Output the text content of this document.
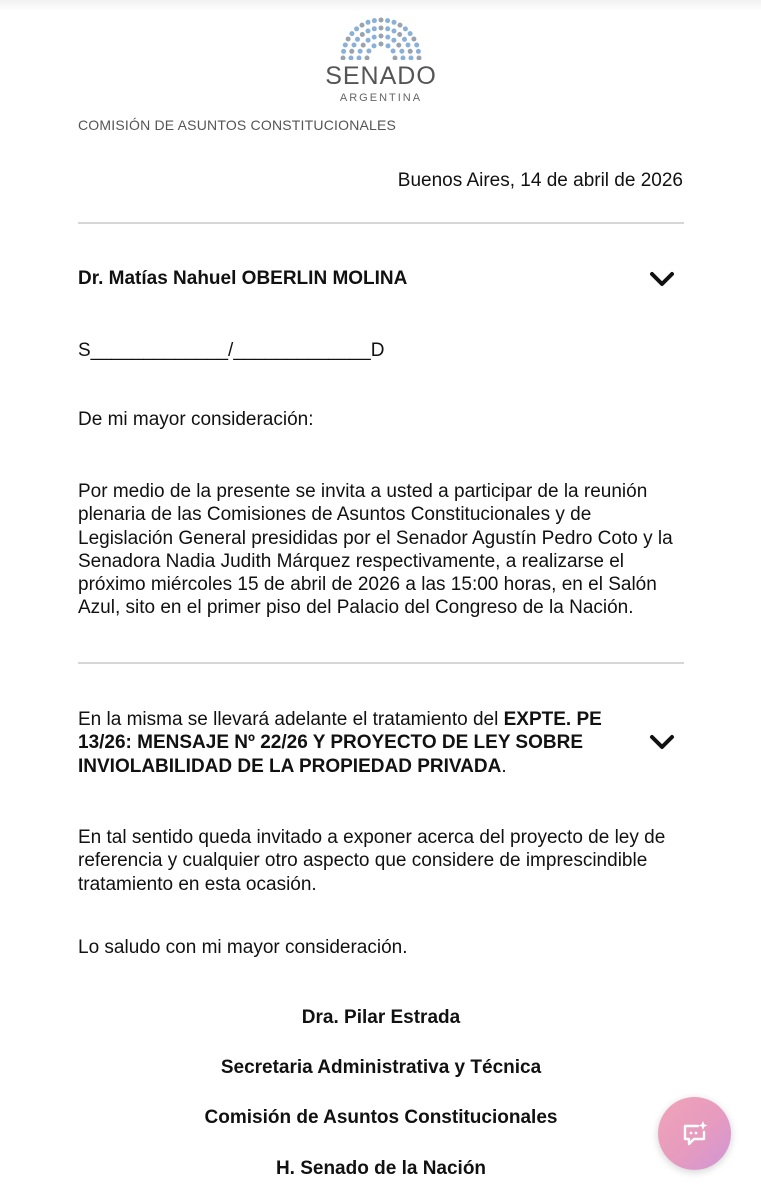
SENADO
ARGENTINA
COMISIÓN DE ASUNTOS CONSTITUCIONALES
Buenos Aires, 14 de abril de 2026
Dr. Matías Nahuel OBERLIN MOLINA
S_____________/_____________D
De mi mayor consideración:
Por medio de la presente se invita a usted a participar de la reunión plenaria de las Comisiones de Asuntos Constitucionales y de Legislación General presididas por el Senador Agustín Pedro Coto y la Senadora Nadia Judith Márquez respectivamente, a realizarse el próximo miércoles 15 de abril de 2026 a las 15:00 horas, en el Salón Azul, sito en el primer piso del Palacio del Congreso de la Nación.
En la misma se llevará adelante el tratamiento del EXPTE. PE 13/26: MENSAJE Nº 22/26 Y PROYECTO DE LEY SOBRE INVIOLABILIDAD DE LA PROPIEDAD PRIVADA.
En tal sentido queda invitado a exponer acerca del proyecto de ley de referencia y cualquier otro aspecto que considere de imprescindible tratamiento en esta ocasión.
Lo saludo con mi mayor consideración.
Dra. Pilar Estrada
Secretaria Administrativa y Técnica
Comisión de Asuntos Constitucionales
H. Senado de la Nación
